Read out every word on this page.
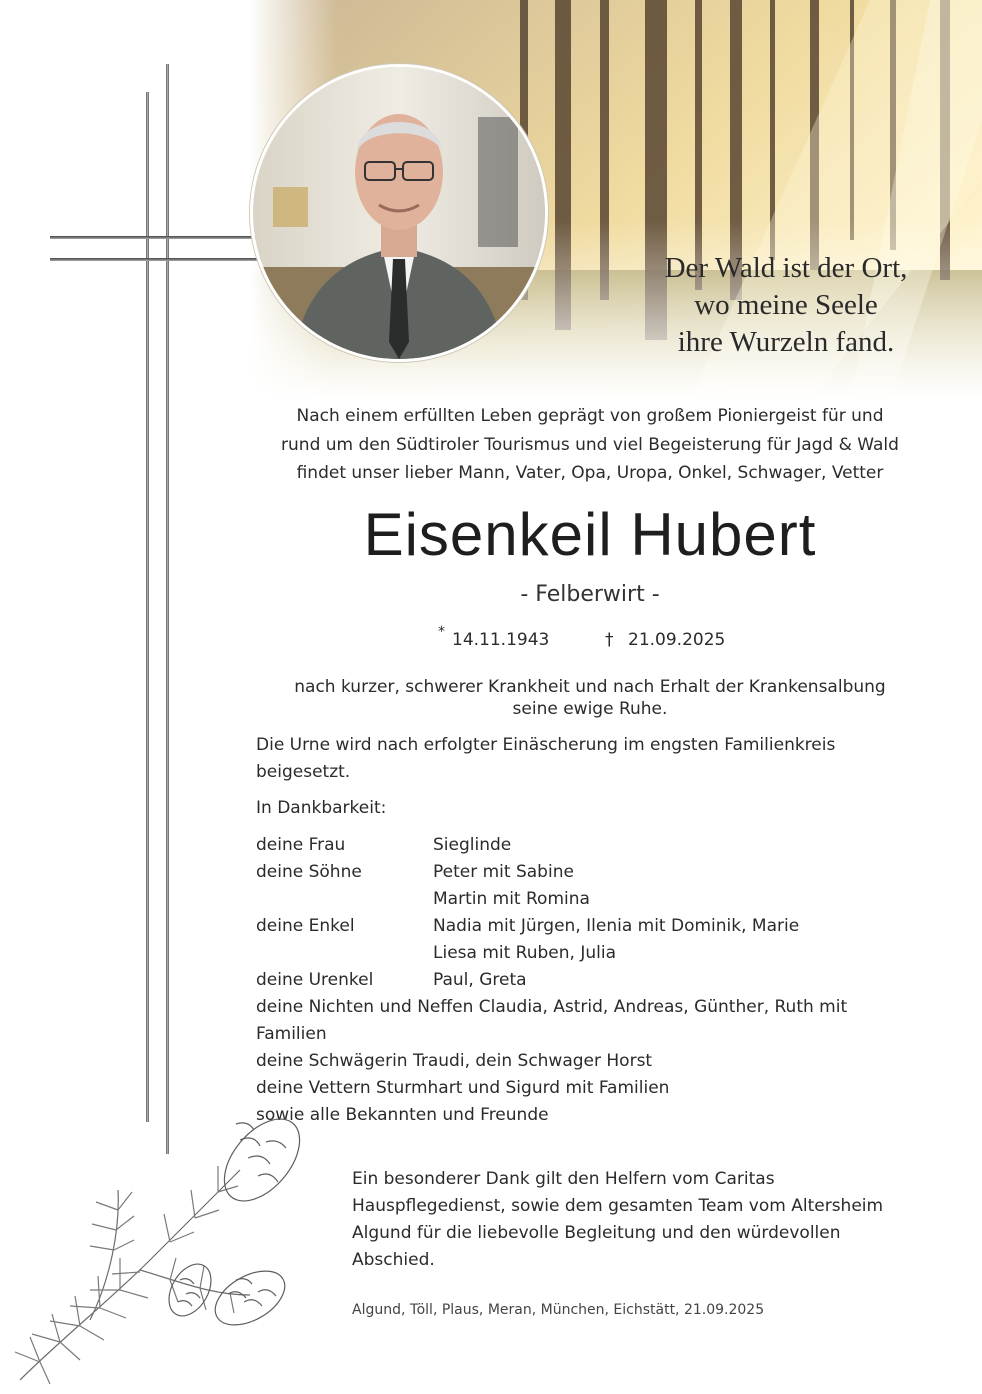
Der Wald ist der Ort,
wo meine Seele
ihre Wurzeln fand.
Nach einem erfüllten Leben geprägt von großem Pioniergeist für und
rund um den Südtiroler Tourismus und viel Begeisterung für Jagd & Wald
findet unser lieber Mann, Vater, Opa, Uropa, Onkel, Schwager, Vetter
Eisenkeil Hubert
- Felberwirt -
* 14.11.1943	† 21.09.2025
nach kurzer, schwerer Krankheit und nach Erhalt der Krankensalbung
seine ewige Ruhe.
Die Urne wird nach erfolgter Einäscherung im engsten Familienkreis
beigesetzt.
In Dankbarkeit:
deine Frau	Sieglinde
deine Söhne	Peter mit Sabine
Martin mit Romina
deine Enkel	Nadia mit Jürgen, Ilenia mit Dominik, Marie
Liesa mit Ruben, Julia
deine Urenkel	Paul, Greta
deine Nichten und Neffen Claudia, Astrid, Andreas, Günther, Ruth mit
Familien
deine Schwägerin Traudi, dein Schwager Horst
deine Vettern Sturmhart und Sigurd mit Familien
sowie alle Bekannten und Freunde
Ein besonderer Dank gilt den Helfern vom Caritas
Hauspflegedienst, sowie dem gesamten Team vom Altersheim
Algund für die liebevolle Begleitung und den würdevollen
Abschied.
Algund, Töll, Plaus, Meran, München, Eichstätt, 21.09.2025
